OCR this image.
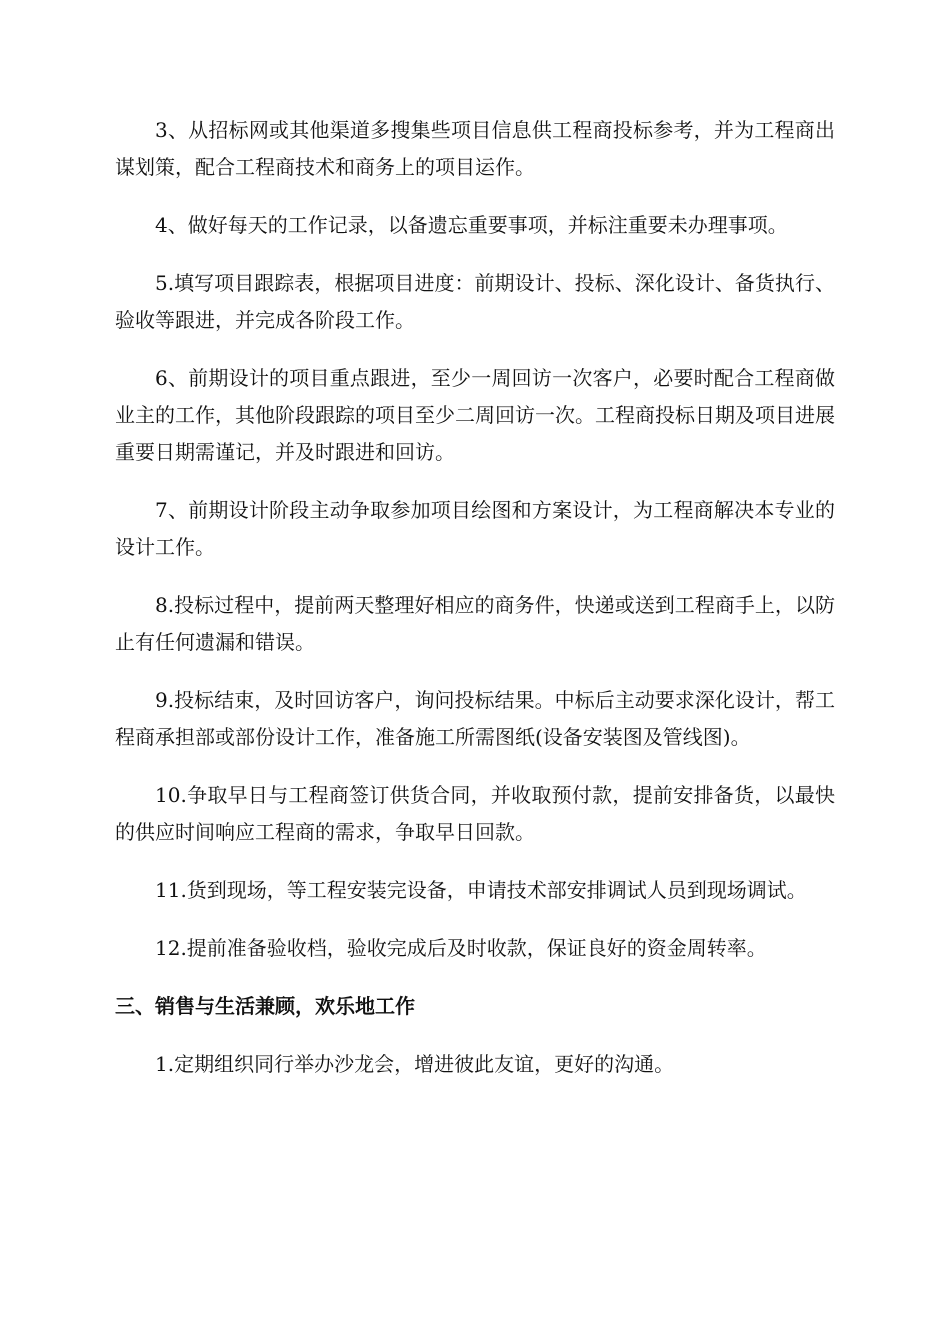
3、从招标网或其他渠道多搜集些项目信息供工程商投标参考，并为工程商出谋划策，配合工程商技术和商务上的项目运作。

4、做好每天的工作记录，以备遗忘重要事项，并标注重要未办理事项。

5.填写项目跟踪表，根据项目进度：前期设计、投标、深化设计、备货执行、验收等跟进，并完成各阶段工作。

6、前期设计的项目重点跟进，至少一周回访一次客户，必要时配合工程商做业主的工作，其他阶段跟踪的项目至少二周回访一次。工程商投标日期及项目进展重要日期需谨记，并及时跟进和回访。

7、前期设计阶段主动争取参加项目绘图和方案设计，为工程商解决本专业的设计工作。

8.投标过程中，提前两天整理好相应的商务件，快递或送到工程商手上，以防止有任何遗漏和错误。

9.投标结束，及时回访客户，询问投标结果。中标后主动要求深化设计，帮工程商承担部或部份设计工作，准备施工所需图纸(设备安装图及管线图)。

10.争取早日与工程商签订供货合同，并收取预付款，提前安排备货，以最快的供应时间响应工程商的需求，争取早日回款。

11.货到现场，等工程安装完设备，申请技术部安排调试人员到现场调试。

12.提前准备验收档，验收完成后及时收款，保证良好的资金周转率。

三、销售与生活兼顾，欢乐地工作

1.定期组织同行举办沙龙会，增进彼此友谊，更好的沟通。
